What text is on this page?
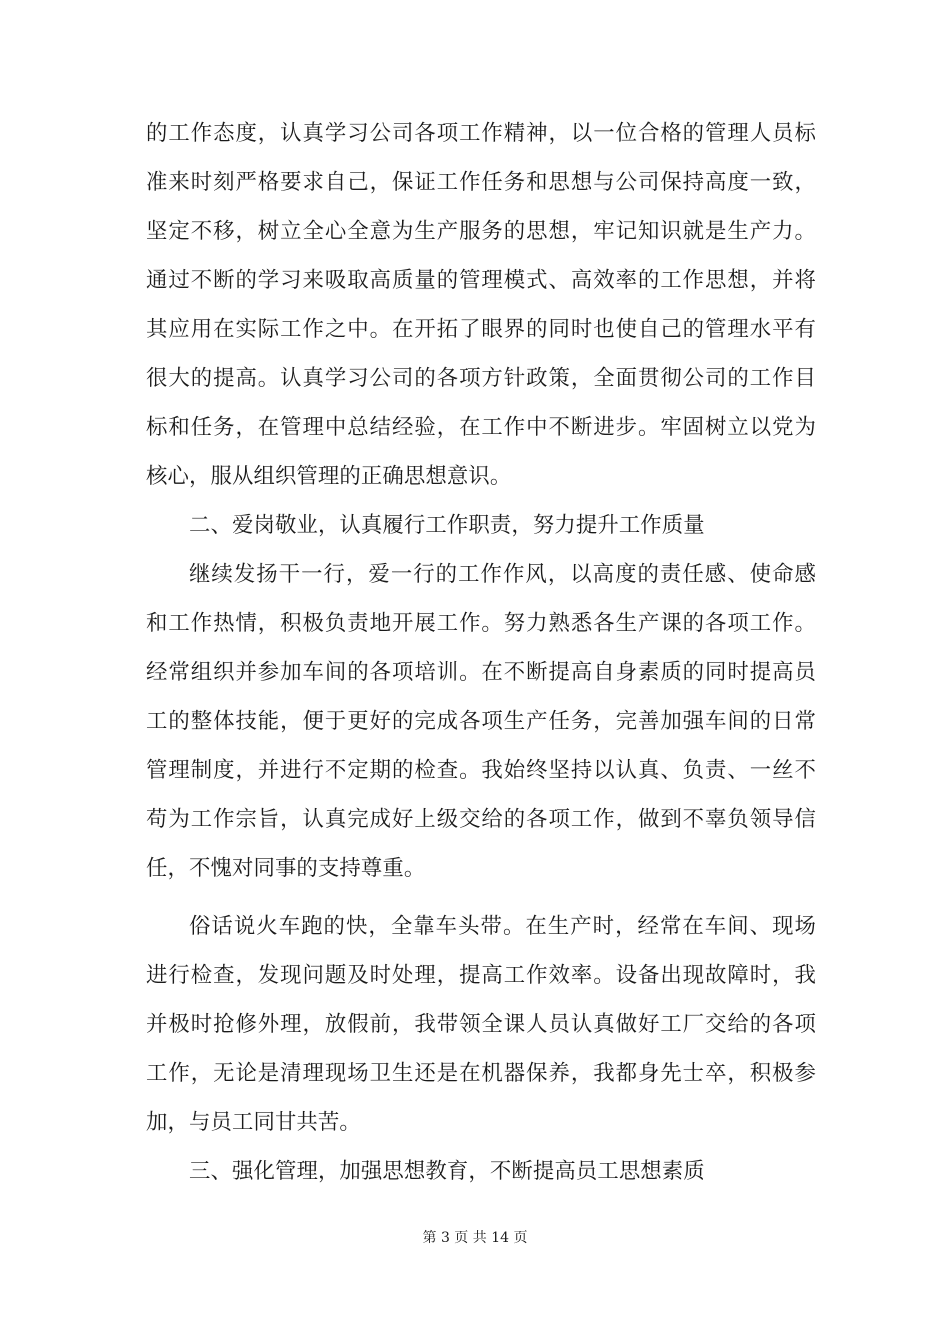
的工作态度，认真学习公司各项工作精神，以一位合格的管理人员标
准来时刻严格要求自己，保证工作任务和思想与公司保持高度一致，
坚定不移，树立全心全意为生产服务的思想，牢记知识就是生产力。
通过不断的学习来吸取高质量的管理模式、高效率的工作思想，并将
其应用在实际工作之中。在开拓了眼界的同时也使自己的管理水平有
很大的提高。认真学习公司的各项方针政策，全面贯彻公司的工作目
标和任务，在管理中总结经验，在工作中不断进步。牢固树立以党为
核心，服从组织管理的正确思想意识。
二、爱岗敬业，认真履行工作职责，努力提升工作质量
继续发扬干一行，爱一行的工作作风，以高度的责任感、使命感
和工作热情，积极负责地开展工作。努力熟悉各生产课的各项工作。
经常组织并参加车间的各项培训。在不断提高自身素质的同时提高员
工的整体技能，便于更好的完成各项生产任务，完善加强车间的日常
管理制度，并进行不定期的检查。我始终坚持以认真、负责、一丝不
苟为工作宗旨，认真完成好上级交给的各项工作，做到不辜负领导信
任，不愧对同事的支持尊重。
俗话说火车跑的快，全靠车头带。在生产时，经常在车间、现场
进行检查，发现问题及时处理，提高工作效率。设备出现故障时，我
并极时抢修外理，放假前，我带领全课人员认真做好工厂交给的各项
工作，无论是清理现场卫生还是在机器保养，我都身先士卒，积极参
加，与员工同甘共苦。
三、强化管理，加强思想教育，不断提高员工思想素质
第 3 页 共 14 页
